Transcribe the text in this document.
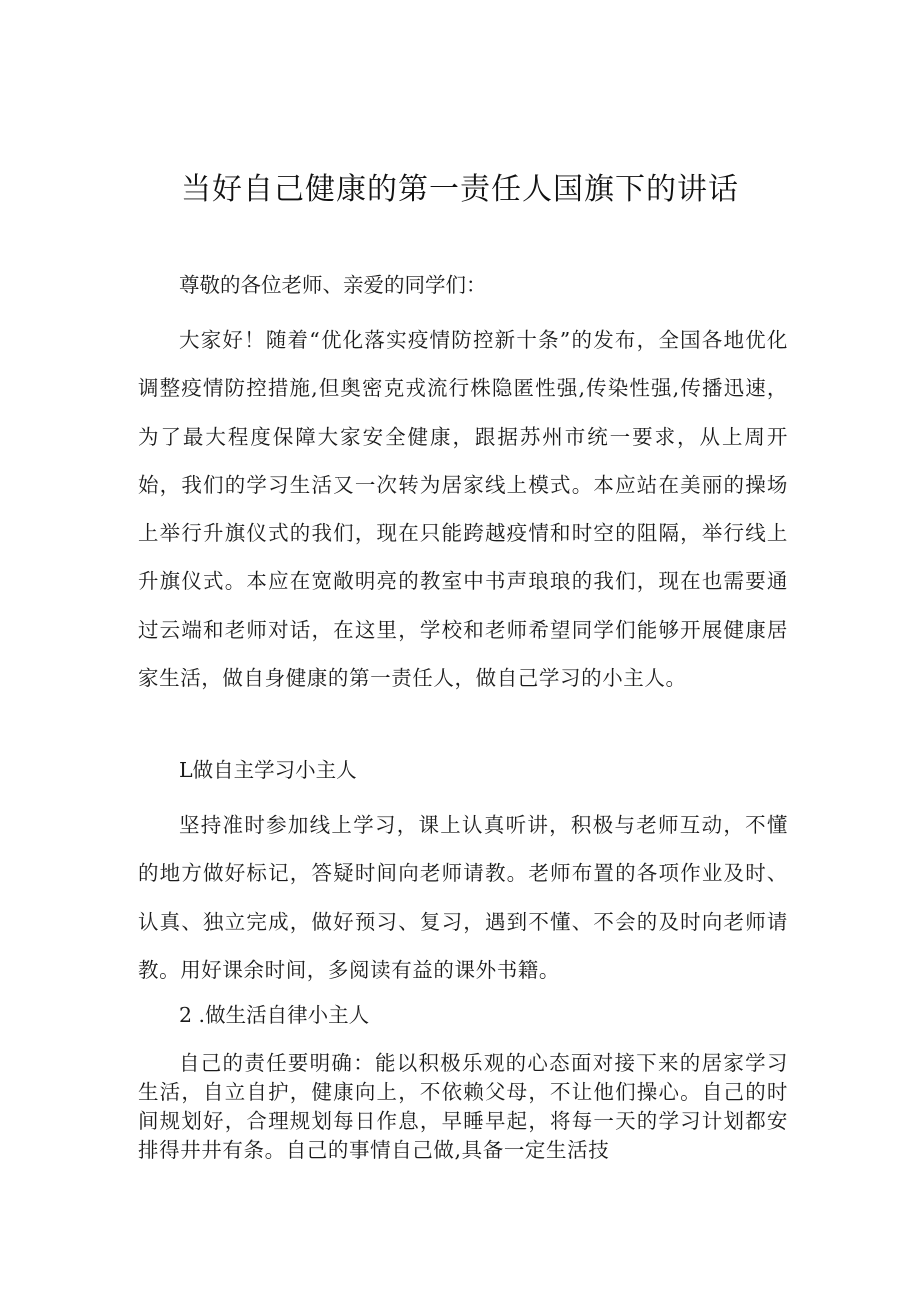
当好自己健康的第一责任人国旗下的讲话
尊敬的各位老师、亲爱的同学们：
大家好！随着“优化落实疫情防控新十条”的发布，全国各地优化调整疫情防控措施,但奥密克戎流行株隐匿性强,传染性强,传播迅速，为了最大程度保障大家安全健康，跟据苏州市统一要求，从上周开始，我们的学习生活又一次转为居家线上模式。本应站在美丽的操场上举行升旗仪式的我们，现在只能跨越疫情和时空的阻隔，举行线上升旗仪式。本应在宽敞明亮的教室中书声琅琅的我们，现在也需要通过云端和老师对话，在这里，学校和老师希望同学们能够开展健康居家生活，做自身健康的第一责任人，做自己学习的小主人。
L做自主学习小主人
坚持准时参加线上学习，课上认真听讲，积极与老师互动，不懂的地方做好标记，答疑时间向老师请教。老师布置的各项作业及时、认真、独立完成，做好预习、复习，遇到不懂、不会的及时向老师请教。用好课余时间，多阅读有益的课外书籍。
2 .做生活自律小主人
自己的责任要明确：能以积极乐观的心态面对接下来的居家学习生活，自立自护，健康向上，不依赖父母，不让他们操心。自己的时间规划好，合理规划每日作息，早睡早起，将每一天的学习计划都安排得井井有条。自己的事情自己做,具备一定生活技
